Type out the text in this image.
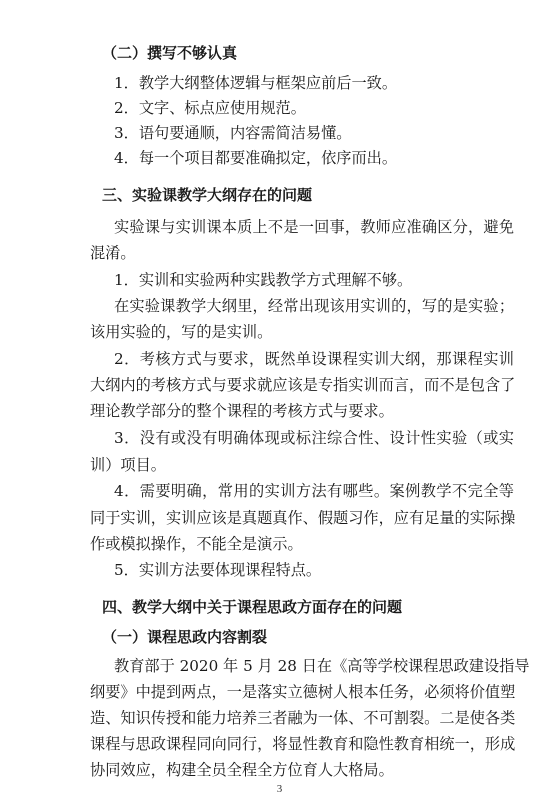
（二）撰写不够认真
1．教学大纲整体逻辑与框架应前后一致。
2．文字、标点应使用规范。
3．语句要通顺，内容需简洁易懂。
4．每一个项目都要准确拟定，依序而出。
三、实验课教学大纲存在的问题
实验课与实训课本质上不是一回事，教师应准确区分，避免
混淆。
1．实训和实验两种实践教学方式理解不够。
在实验课教学大纲里，经常出现该用实训的，写的是实验；
该用实验的，写的是实训。
2．考核方式与要求，既然单设课程实训大纲，那课程实训
大纲内的考核方式与要求就应该是专指实训而言，而不是包含了
理论教学部分的整个课程的考核方式与要求。
3．没有或没有明确体现或标注综合性、设计性实验（或实
训）项目。
4．需要明确，常用的实训方法有哪些。案例教学不完全等
同于实训，实训应该是真题真作、假题习作，应有足量的实际操
作或模拟操作，不能全是演示。
5．实训方法要体现课程特点。
四、教学大纲中关于课程思政方面存在的问题
（一）课程思政内容割裂
教育部于 2020 年 5 月 28 日在《高等学校课程思政建设指导
纲要》中提到两点，一是落实立德树人根本任务，必须将价值塑
造、知识传授和能力培养三者融为一体、不可割裂。二是使各类
课程与思政课程同向同行，将显性教育和隐性教育相统一，形成
协同效应，构建全员全程全方位育人大格局。
3
